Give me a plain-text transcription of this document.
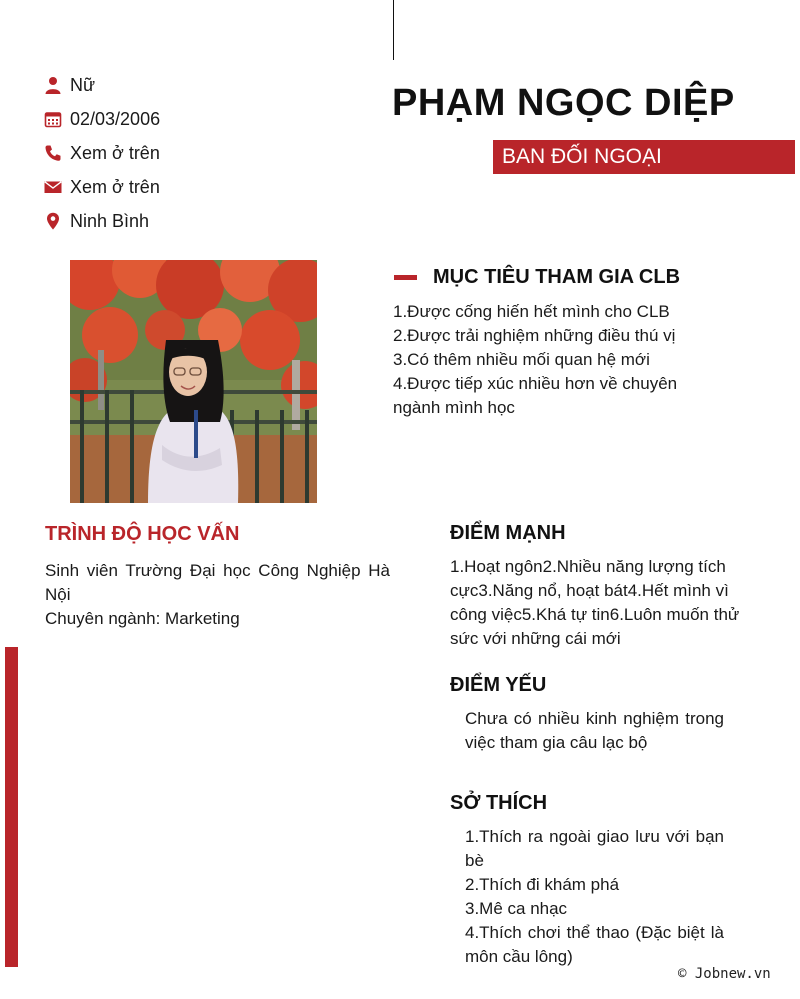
Nữ
02/03/2006
Xem ở trên
Xem ở trên
Ninh Bình
PHẠM NGỌC DIỆP
BAN ĐỐI NGOẠI
MỤC TIÊU THAM GIA CLB
1.Được cống hiến hết mình cho CLB
2.Được trải nghiệm những điều thú vị
3.Có thêm nhiều mối quan hệ mới
4.Được tiếp xúc nhiều hơn về chuyên ngành mình học
TRÌNH ĐỘ HỌC VẤN
Sinh viên Trường Đại học Công Nghiệp Hà Nội
Chuyên ngành: Marketing
ĐIỂM MẠNH
1.Hoạt ngôn2.Nhiều năng lượng tích cực3.Năng nổ, hoạt bát4.Hết mình vì công việc5.Khá tự tin6.Luôn muốn thử sức với những cái mới
ĐIỂM YẾU
Chưa có nhiều kinh nghiệm trong việc tham gia câu lạc bộ
SỞ THÍCH
1.Thích ra ngoài giao lưu với bạn bè
2.Thích đi khám phá
3.Mê ca nhạc
4.Thích chơi thể thao (Đặc biệt là môn cầu lông)
© Jobnew.vn
